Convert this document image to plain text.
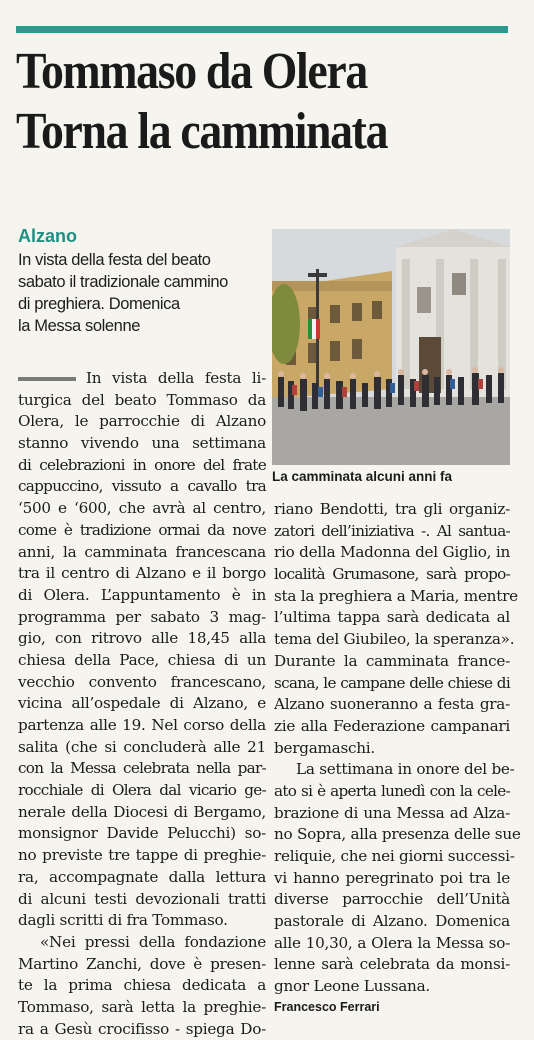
Tommaso da Olera
Torna la camminata
Alzano
In vista della festa del beato
sabato il tradizionale cammino
di preghiera. Domenica
la Messa solenne
La camminata alcuni anni fa
In vista della festa li-
turgica del beato Tommaso da
Olera, le parrocchie di Alzano
stanno vivendo una settimana
di celebrazioni in onore del frate
cappuccino, vissuto a cavallo tra
‘500 e ‘600, che avrà al centro,
come è tradizione ormai da nove
anni, la camminata francescana
tra il centro di Alzano e il borgo
di Olera. L’appuntamento è in
programma per sabato 3 mag-
gio, con ritrovo alle 18,45 alla
chiesa della Pace, chiesa di un
vecchio convento francescano,
vicina all’ospedale di Alzano, e
partenza alle 19. Nel corso della
salita (che si concluderà alle 21
con la Messa celebrata nella par-
rocchiale di Olera dal vicario ge-
nerale della Diocesi di Bergamo,
monsignor Davide Pelucchi) so-
no previste tre tappe di preghie-
ra, accompagnate dalla lettura
di alcuni testi devozionali tratti
dagli scritti di fra Tommaso.
«Nei pressi della fondazione
Martino Zanchi, dove è presen-
te la prima chiesa dedicata a
Tommaso, sarà letta la preghie-
ra a Gesù crocifisso - spiega Do-
riano Bendotti, tra gli organiz-
zatori dell’iniziativa -. Al santua-
rio della Madonna del Giglio, in
località Grumasone, sarà propo-
sta la preghiera a Maria, mentre
l’ultima tappa sarà dedicata al
tema del Giubileo, la speranza».
Durante la camminata france-
scana, le campane delle chiese di
Alzano suoneranno a festa gra-
zie alla Federazione campanari
bergamaschi.
La settimana in onore del be-
ato si è aperta lunedì con la cele-
brazione di una Messa ad Alza-
no Sopra, alla presenza delle sue
reliquie, che nei giorni successi-
vi hanno peregrinato poi tra le
diverse parrocchie dell’Unità
pastorale di Alzano. Domenica
alle 10,30, a Olera la Messa so-
lenne sarà celebrata da monsi-
gnor Leone Lussana.
Francesco Ferrari
